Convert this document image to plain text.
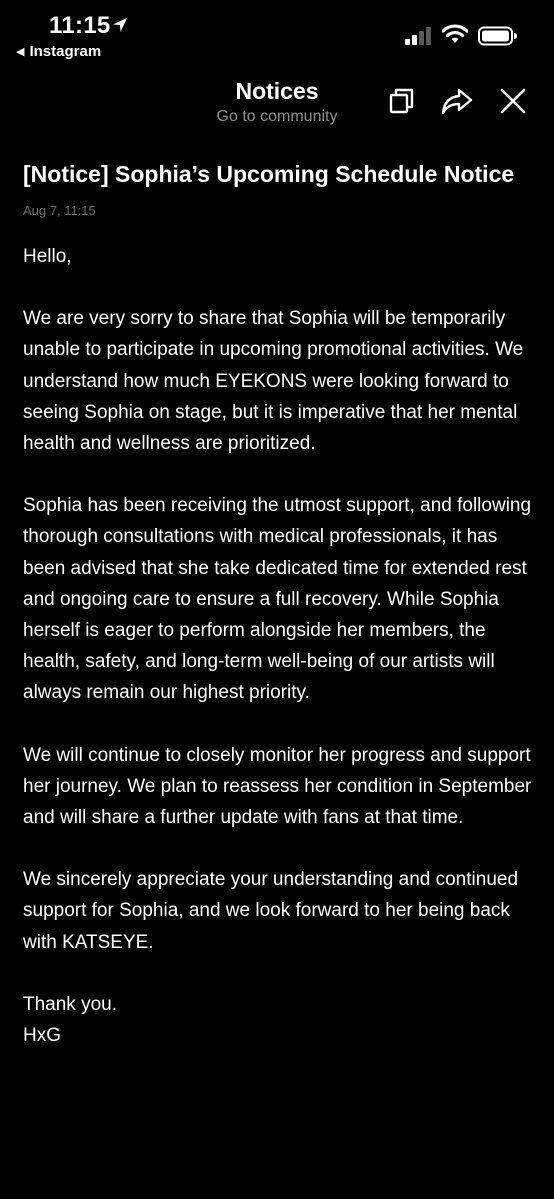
11:15
◀ Instagram
Notices
Go to community
[Notice] Sophia’s Upcoming Schedule Notice
Aug 7, 11:15

Hello,

We are very sorry to share that Sophia will be temporarily unable to participate in upcoming promotional activities. We understand how much EYEKONS were looking forward to seeing Sophia on stage, but it is imperative that her mental health and wellness are prioritized.

Sophia has been receiving the utmost support, and following thorough consultations with medical professionals, it has been advised that she take dedicated time for extended rest and ongoing care to ensure a full recovery. While Sophia herself is eager to perform alongside her members, the health, safety, and long-term well-being of our artists will always remain our highest priority.

We will continue to closely monitor her progress and support her journey. We plan to reassess her condition in September and will share a further update with fans at that time.

We sincerely appreciate your understanding and continued support for Sophia, and we look forward to her being back with KATSEYE.

Thank you.

HxG
